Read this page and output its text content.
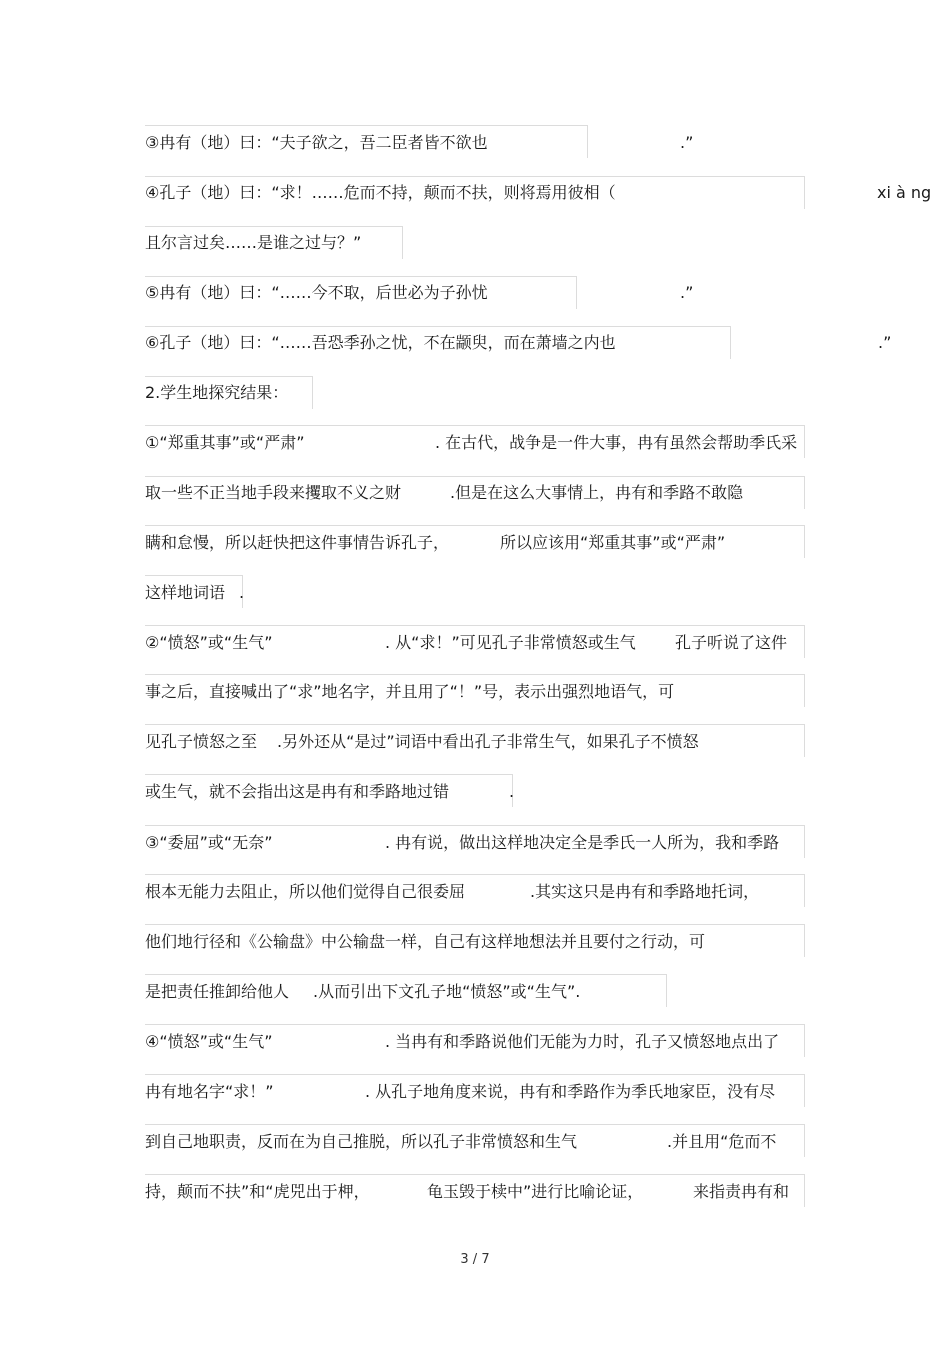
③冉有（地）曰：“夫子欲之，吾二臣者皆不欲也	.”
④孔子（地）曰：“求！……危而不持，颠而不扶，则将焉用彼相（	xi à ng
且尔言过矣……是谁之过与？”
⑤冉有（地）曰：“……今不取，后世必为子孙忧	.”
⑥孔子（地）曰：“……吾恐季孙之忧，不在颛臾，而在萧墙之内也	.”
2.学生地探究结果：
①“郑重其事”或“严肃”	. 在古代，战争是一件大事，冉有虽然会帮助季氏采
取一些不正当地手段来攫取不义之财	.但是在这么大事情上，冉有和季路不敢隐
瞒和怠慢，所以赶快把这件事情告诉孔子，	所以应该用“郑重其事”或“严肃”
这样地词语 .
②“愤怒”或“生气”	. 从“求！”可见孔子非常愤怒或生气 孔子听说了这件
事之后，直接喊出了“求”地名字，并且用了“！”号，表示出强烈地语气，可
见孔子愤怒之至 .另外还从“是过”词语中看出孔子非常生气，如果孔子不愤怒
或生气，就不会指出这是冉有和季路地过错	.
③“委屈”或“无奈”	. 冉有说，做出这样地决定全是季氏一人所为，我和季路
根本无能力去阻止，所以他们觉得自己很委屈	.其实这只是冉有和季路地托词，
他们地行径和《公输盘》中公输盘一样，自己有这样地想法并且要付之行动，可
是把责任推卸给他人 .从而引出下文孔子地“愤怒”或“生气”.
④“愤怒”或“生气”	. 当冉有和季路说他们无能为力时，孔子又愤怒地点出了
冉有地名字“求！”	. 从孔子地角度来说，冉有和季路作为季氏地家臣，没有尽
到自己地职责，反而在为自己推脱，所以孔子非常愤怒和生气	.并且用“危而不
持，颠而不扶”和“虎兕出于柙，	龟玉毁于椟中”进行比喻论证，	来指责冉有和
3 / 7
